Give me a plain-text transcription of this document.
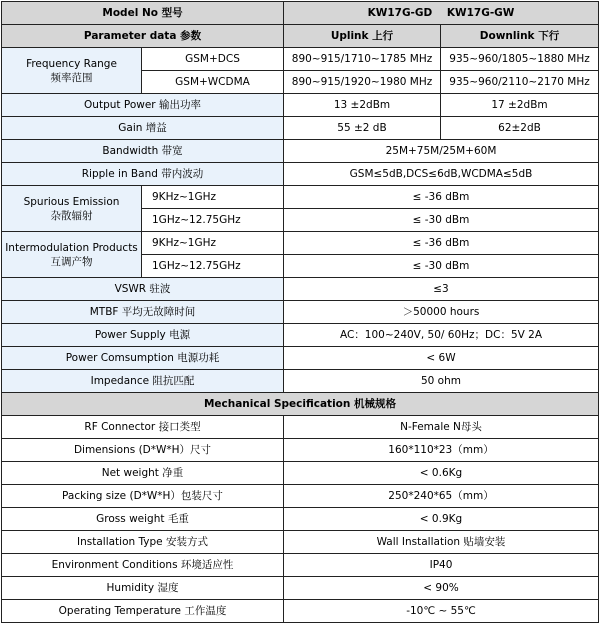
Model No 型号		KW17G-GD    KW17G-GW	
Parameter data 参数		Uplink 上行	Downlink 下行

Frequency Range
频率范围	GSM+DCS	890~915/1710~1785 MHz	935~960/1805~1880 MHz
	GSM+WCDMA	890~915/1920~1980 MHz	935~960/2110~2170 MHz
Output Power 输出功率		13 ±2dBm	17 ±2dBm
Gain 增益		55 ±2 dB	62±2dB
Bandwidth 带宽		25M+75M/25M+60M	
Ripple in Band 带内波动		GSM≤5dB,DCS≤6dB,WCDMA≤5dB	

Spurious Emission
杂散辐射	9KHz~1GHz	≤ -36 dBm	
	1GHz~12.75GHz	≤ -30 dBm	

Intermodulation Products
互调产物	9KHz~1GHz	≤ -36 dBm	
	1GHz~12.75GHz	≤ -30 dBm	
VSWR 驻波		≤3	
MTBF 平均无故障时间		＞50000 hours	
Power Supply 电源		AC：100~240V, 50/ 60Hz；DC：5V 2A	
Power Comsumption 电源功耗		< 6W	
Impedance 阻抗匹配		50 ohm	
Mechanical Specification 机械规格			
RF Connector 接口类型		N-Female N母头	
Dimensions (D*W*H）尺寸		160*110*23（mm）	
Net weight 净重		< 0.6Kg	
Packing size (D*W*H）包装尺寸		250*240*65（mm）	
Gross weight 毛重		< 0.9Kg	
Installation Type 安装方式		Wall Installation 贴墙安装	
Environment Conditions 环境适应性		IP40	
Humidity 湿度		< 90%	
Operating Temperature 工作温度		-10℃ ~ 55℃	
